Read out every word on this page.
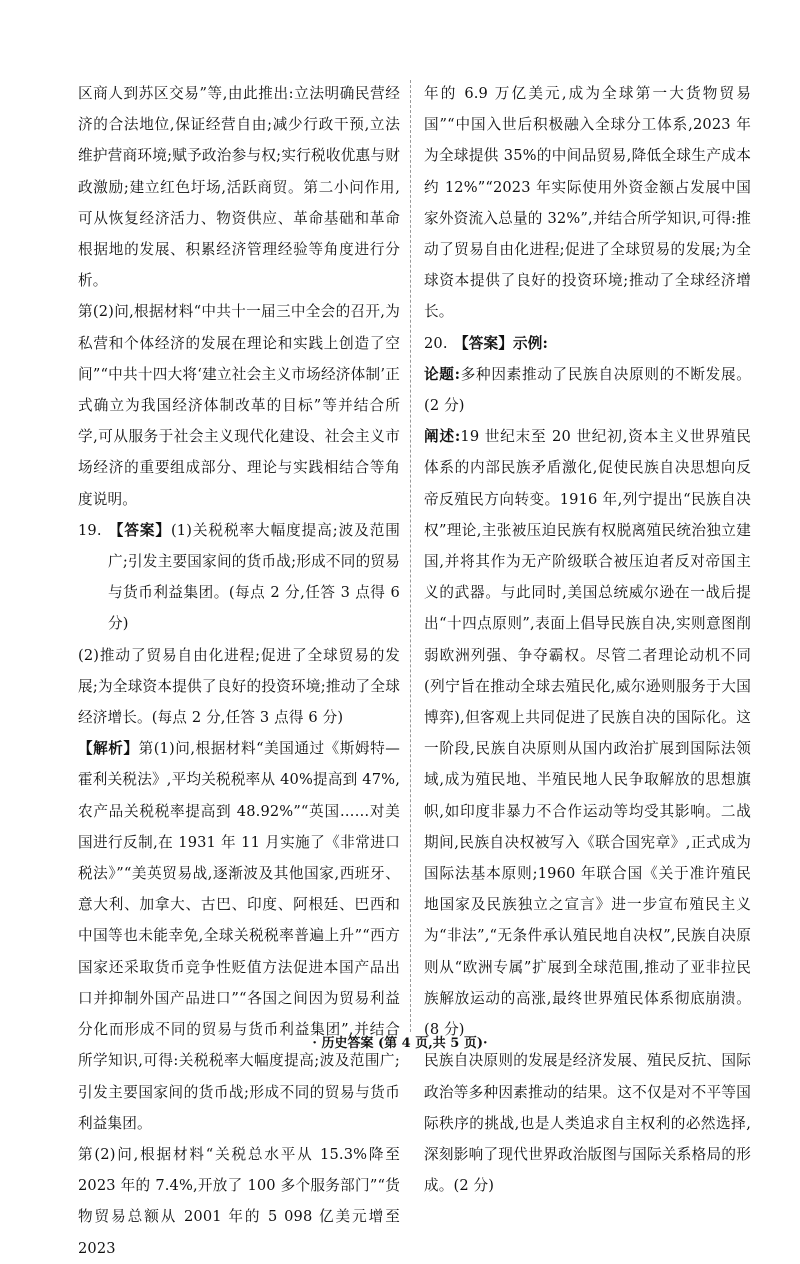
区商人到苏区交易”等,由此推出:立法明确民营经济的合法地位,保证经营自由;减少行政干预,立法维护营商环境;赋予政治参与权;实行税收优惠与财政激励;建立红色圩场,活跃商贸。第二小问作用,可从恢复经济活力、物资供应、革命基础和革命根据地的发展、积累经济管理经验等角度进行分析。

第(2)问,根据材料“中共十一届三中全会的召开,为私营和个体经济的发展在理论和实践上创造了空间”“中共十四大将‘建立社会主义市场经济体制’正式确立为我国经济体制改革的目标”等并结合所学,可从服务于社会主义现代化建设、社会主义市场经济的重要组成部分、理论与实践相结合等角度说明。

19. 【答案】(1)关税税率大幅度提高;波及范围广;引发主要国家间的货币战;形成不同的贸易与货币利益集团。(每点 2 分,任答 3 点得 6 分)

(2)推动了贸易自由化进程;促进了全球贸易的发展;为全球资本提供了良好的投资环境;推动了全球经济增长。(每点 2 分,任答 3 点得 6 分)

【解析】第(1)问,根据材料“美国通过《斯姆特—霍利关税法》,平均关税税率从 40%提高到 47%,农产品关税税率提高到 48.92%”“英国……对美国进行反制,在 1931 年 11 月实施了《非常进口税法》”“美英贸易战,逐渐波及其他国家,西班牙、意大利、加拿大、古巴、印度、阿根廷、巴西和中国等也未能幸免,全球关税税率普遍上升”“西方国家还采取货币竞争性贬值方法促进本国产品出口并抑制外国产品进口”“各国之间因为贸易利益分化而形成不同的贸易与货币利益集团”,并结合所学知识,可得:关税税率大幅度提高;波及范围广;引发主要国家间的货币战;形成不同的贸易与货币利益集团。

第(2)问,根据材料“关税总水平从 15.3%降至 2023 年的 7.4%,开放了 100 多个服务部门”“货物贸易总额从 2001 年的 5 098 亿美元增至 2023

年的 6.9 万亿美元,成为全球第一大货物贸易国”“中国入世后积极融入全球分工体系,2023 年为全球提供 35%的中间品贸易,降低全球生产成本约 12%”“2023 年实际使用外资金额占发展中国家外资流入总量的 32%”,并结合所学知识,可得:推动了贸易自由化进程;促进了全球贸易的发展;为全球资本提供了良好的投资环境;推动了全球经济增长。

20. 【答案】示例:

论题:多种因素推动了民族自决原则的不断发展。(2 分)

阐述:19 世纪末至 20 世纪初,资本主义世界殖民体系的内部民族矛盾激化,促使民族自决思想向反帝反殖民方向转变。1916 年,列宁提出“民族自决权”理论,主张被压迫民族有权脱离殖民统治独立建国,并将其作为无产阶级联合被压迫者反对帝国主义的武器。与此同时,美国总统威尔逊在一战后提出“十四点原则”,表面上倡导民族自决,实则意图削弱欧洲列强、争夺霸权。尽管二者理论动机不同(列宁旨在推动全球去殖民化,威尔逊则服务于大国博弈),但客观上共同促进了民族自决的国际化。这一阶段,民族自决原则从国内政治扩展到国际法领域,成为殖民地、半殖民地人民争取解放的思想旗帜,如印度非暴力不合作运动等均受其影响。二战期间,民族自决权被写入《联合国宪章》,正式成为国际法基本原则;1960 年联合国《关于准许殖民地国家及民族独立之宣言》进一步宣布殖民主义为“非法”,“无条件承认殖民地自决权”,民族自决原则从“欧洲专属”扩展到全球范围,推动了亚非拉民族解放运动的高涨,最终世界殖民体系彻底崩溃。(8 分)

民族自决原则的发展是经济发展、殖民反抗、国际政治等多种因素推动的结果。这不仅是对不平等国际秩序的挑战,也是人类追求自主权利的必然选择,深刻影响了现代世界政治版图与国际关系格局的形成。(2 分)

· 历史答案 (第 4 页,共 5 页)·
